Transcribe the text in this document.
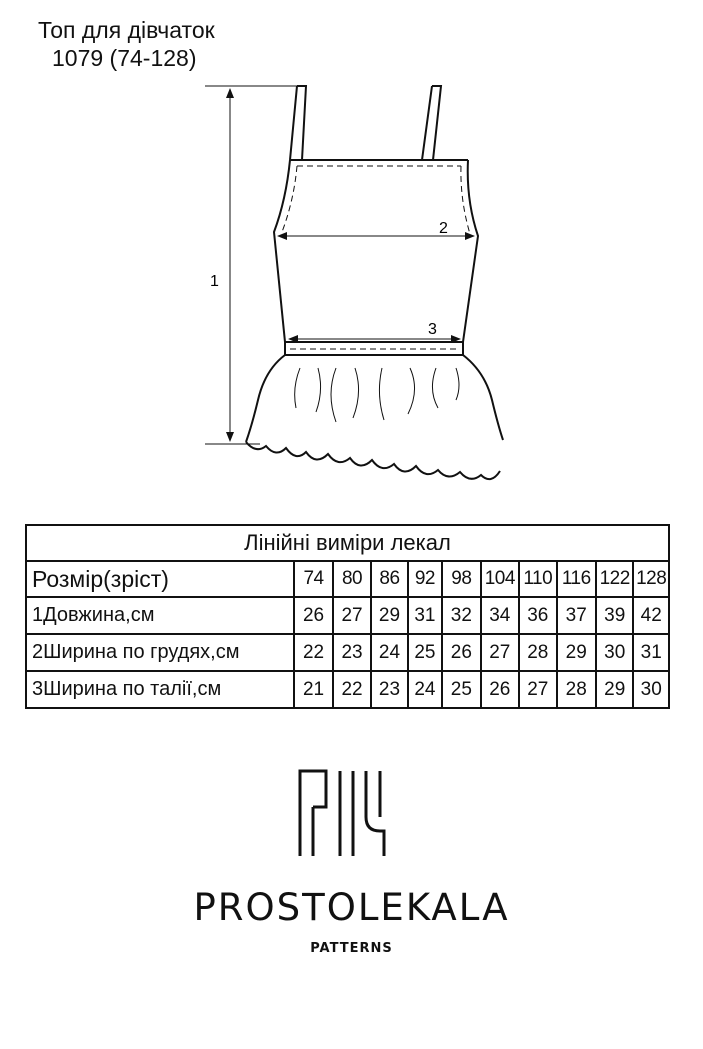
Топ для дівчаток
1079 (74-128)
1
2
3
Лінійні виміри лекал										
Розмір(зріст)	74	80	86	92	98	104	110	116	122	128
1Довжина,см	26	27	29	31	32	34	36	37	39	42
2Ширина по грудях,см	22	23	24	25	26	27	28	29	30	31
3Ширина по талії,см	21	22	23	24	25	26	27	28	29	30
PROSTOLEKALA
PATTERNS
